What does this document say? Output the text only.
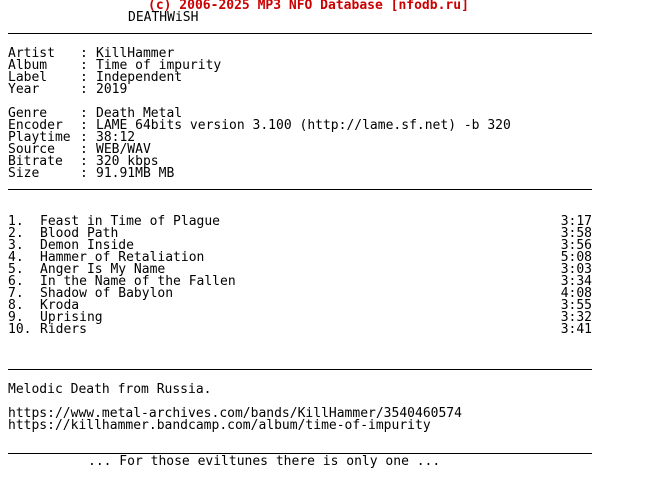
(c) 2006-2025 MP3 NFO Database [nfodb.ru]
DEATHWiSH
Artist : KillHammer
Album	: Time of impurity
Label	: Independent
Year	: 2019
Genre	: Death Metal
Encoder : LAME 64bits version 3.100 (http://lame.sf.net) -b 320
Playtime : 38:12
Source : WEB/WAV
Bitrate : 320 kbps
Size	: 91.91MB MB
1. Feast in Time of Plague	3:17
2. Blood Path	3:58
3. Demon Inside	3:56
4. Hammer of Retaliation	5:08
5. Anger Is My Name	3:03
6. In the Name of the Fallen	3:34
7. Shadow of Babylon	4:08
8. Kroda	3:55
9. Uprising	3:32
10. Riders	3:41
Melodic Death from Russia.
https://www.metal-archives.com/bands/KillHammer/3540460574
https://killhammer.bandcamp.com/album/time-of-impurity
... For those eviltunes there is only one ...
